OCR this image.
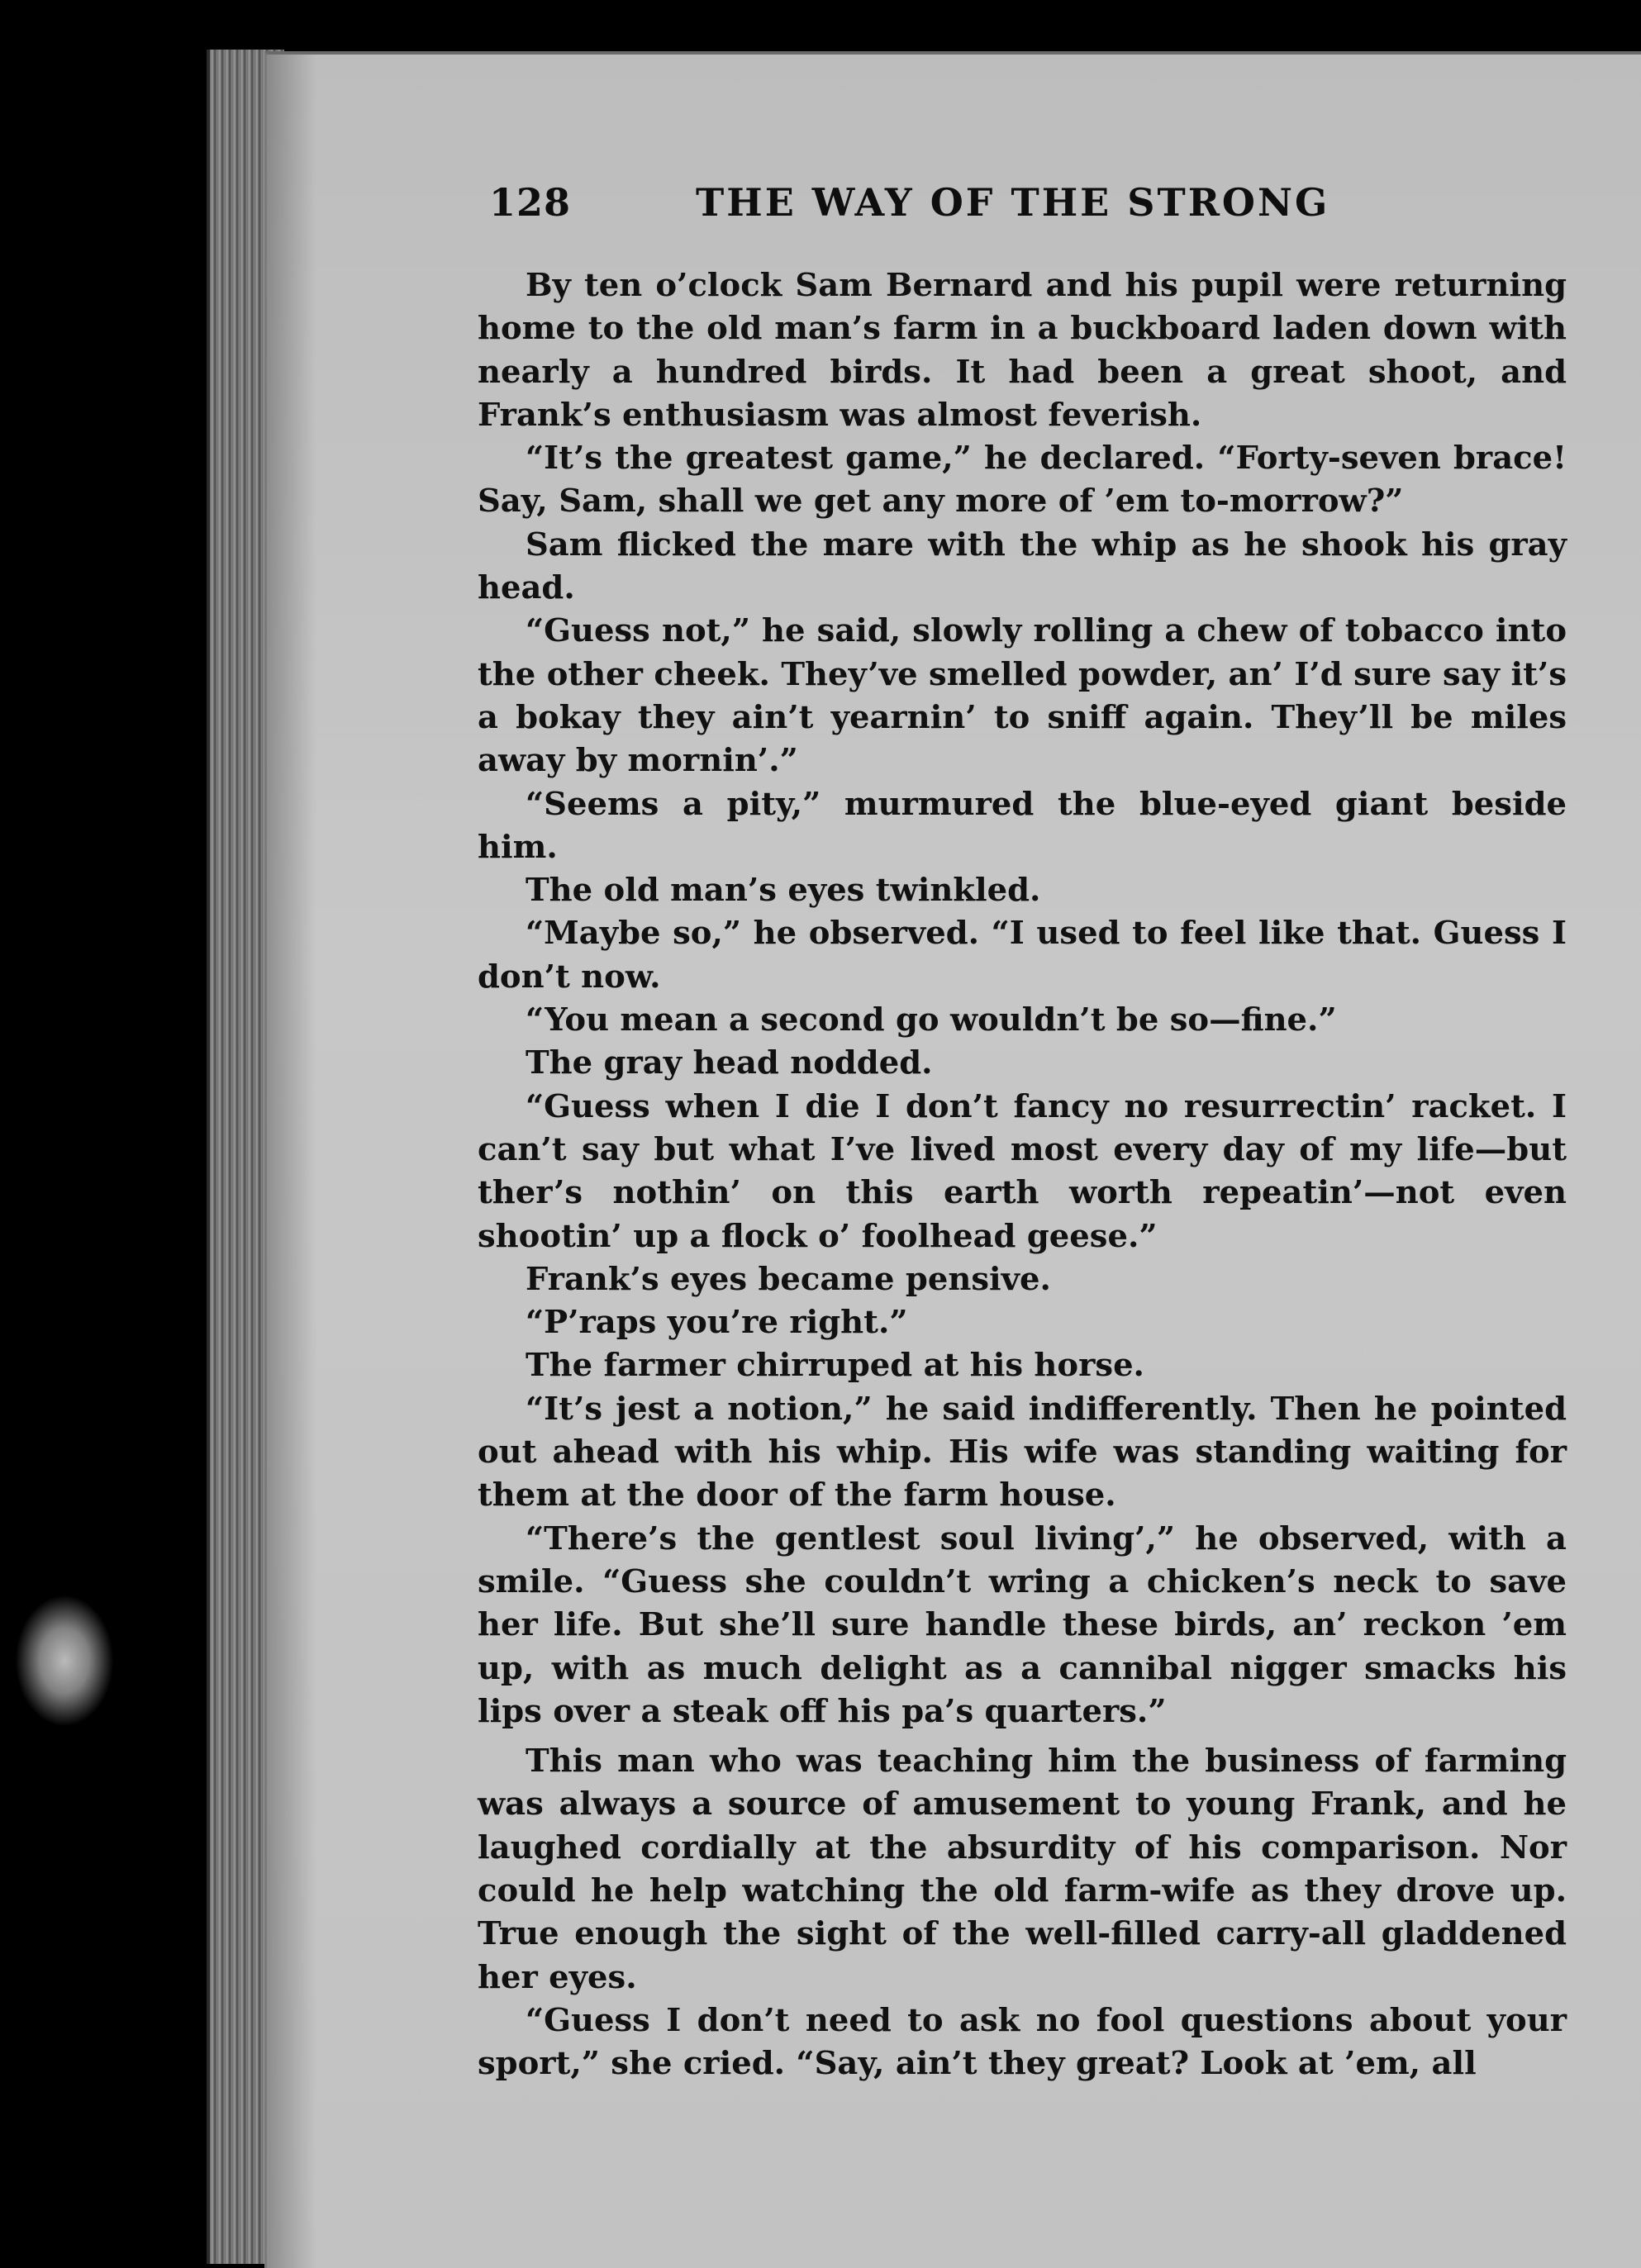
128	THE WAY OF THE STRONG

By ten o’clock Sam Bernard and his pupil were returning home to the old man’s farm in a buckboard laden down with nearly a hundred birds. It had been a great shoot, and Frank’s enthusiasm was almost feverish.

“It’s the greatest game,” he declared. “Forty-seven brace! Say, Sam, shall we get any more of ’em to-morrow?”

Sam flicked the mare with the whip as he shook his gray head.

“Guess not,” he said, slowly rolling a chew of tobacco into the other cheek. They’ve smelled powder, an’ I’d sure say it’s a bokay they ain’t yearnin’ to sniff again. They’ll be miles away by mornin’.”

“Seems a pity,” murmured the blue-eyed giant beside him.

The old man’s eyes twinkled.

“Maybe so,” he observed. “I used to feel like that. Guess I don’t now.

“You mean a second go wouldn’t be so—fine.”

The gray head nodded.

“Guess when I die I don’t fancy no resurrectin’ racket. I can’t say but what I’ve lived most every day of my life—but ther’s nothin’ on this earth worth repeatin’—not even shootin’ up a flock o’ foolhead geese.”

Frank’s eyes became pensive.

“P’raps you’re right.”

The farmer chirruped at his horse.

“It’s jest a notion,” he said indifferently. Then he pointed out ahead with his whip. His wife was standing waiting for them at the door of the farm house.

“There’s the gentlest soul living’,” he observed, with a smile. “Guess she couldn’t wring a chicken’s neck to save her life. But she’ll sure handle these birds, an’ reckon ’em up, with as much delight as a cannibal nigger smacks his lips over a steak off his pa’s quarters.”

This man who was teaching him the business of farming was always a source of amusement to young Frank, and he laughed cordially at the absurdity of his comparison. Nor could he help watching the old farm-wife as they drove up. True enough the sight of the well-filled carry-all gladdened her eyes.

“Guess I don’t need to ask no fool questions about your sport,” she cried. “Say, ain’t they great? Look at ’em, all
